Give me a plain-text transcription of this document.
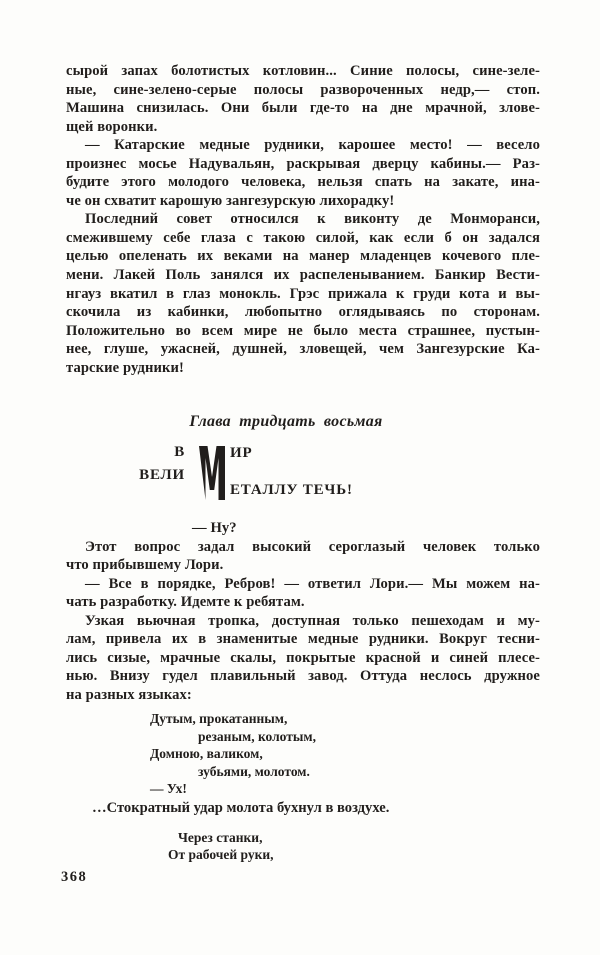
сырой запах болотистых котловин... Синие полосы, сине-зеле-
ные, сине-зелено-серые полосы развороченных недр,— стоп.
Машина снизилась. Они были где-то на дне мрачной, злове-
щей воронки.
— Катарские медные рудники, карошее место! — весело
произнес мосье Надувальян, раскрывая дверцу кабины.— Раз-
будите этого молодого человека, нельзя спать на закате, ина-
че он схватит карошую зангезурскую лихорадку!
Последний совет относился к виконту де Монморанси,
смежившему себе глаза с такою силой, как если б он задался
целью опеленать их веками на манер младенцев кочевого пле-
мени. Лакей Поль занялся их распеленыванием. Банкир Вести-
нгауз вкатил в глаз монокль. Грэс прижала к груди кота и вы-
скочила из кабинки, любопытно оглядываясь по сторонам.
Положительно во всем мире не было места страшнее, пустын-
нее, глуше, ужасней, душней, зловещей, чем Зангезурские Ка-
тарские рудники!
Глава тридцать восьмая
В
ВЕЛИ
ИР
ЕТАЛЛУ ТЕЧЬ!
— Ну?
Этот вопрос задал высокий сероглазый человек только
что прибывшему Лори.
— Все в порядке, Ребров! — ответил Лори.— Мы можем на-
чать разработку. Идемте к ребятам.
Узкая вьючная тропка, доступная только пешеходам и му-
лам, привела их в знаменитые медные рудники. Вокруг тесни-
лись сизые, мрачные скалы, покрытые красной и синей плесе-
нью. Внизу гудел плавильный завод. Оттуда неслось дружное
на разных языках:
Дутым, прокатанным,
резаным, колотым,
Домною, валиком,
зубьями, молотом.
— Ух!
…Стократный удар молота бухнул в воздухе.
Через станки,
От рабочей руки,
368
